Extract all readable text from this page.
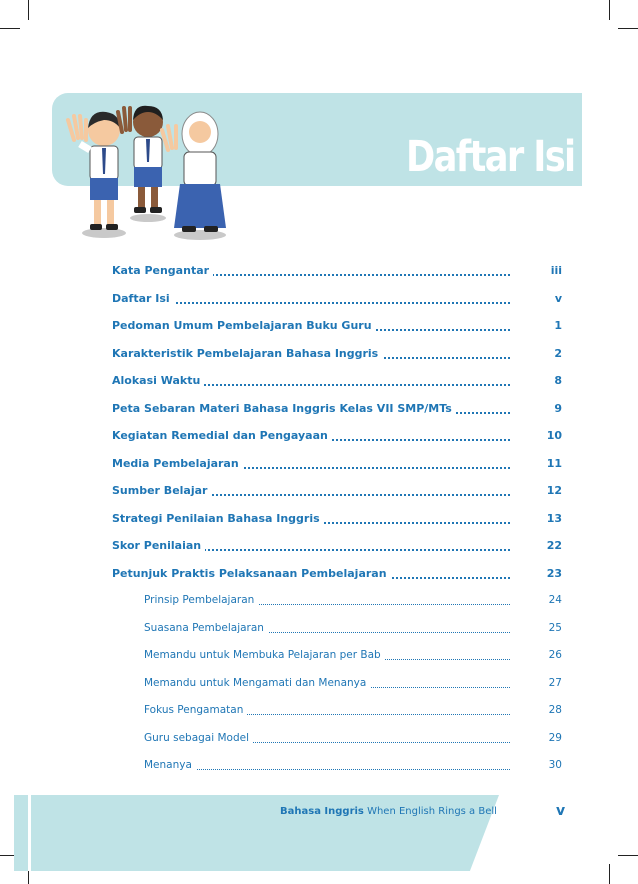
Daftar Isi
Kata Pengantar	iii
Daftar Isi	v
Pedoman Umum Pembelajaran Buku Guru	1
Karakteristik Pembelajaran Bahasa Inggris	2
Alokasi Waktu	8
Peta Sebaran Materi Bahasa Inggris Kelas VII SMP/MTs	9
Kegiatan Remedial dan Pengayaan	10
Media Pembelajaran	11
Sumber Belajar	12
Strategi Penilaian Bahasa Inggris	13
Skor Penilaian	22
Petunjuk Praktis Pelaksanaan Pembelajaran	23
Prinsip Pembelajaran	24
Suasana Pembelajaran	25
Memandu untuk Membuka Pelajaran per Bab	26
Memandu untuk Mengamati dan Menanya	27
Fokus Pengamatan	28
Guru sebagai Model	29
Menanya	30
Bahasa Inggris When English Rings a Bell	v
